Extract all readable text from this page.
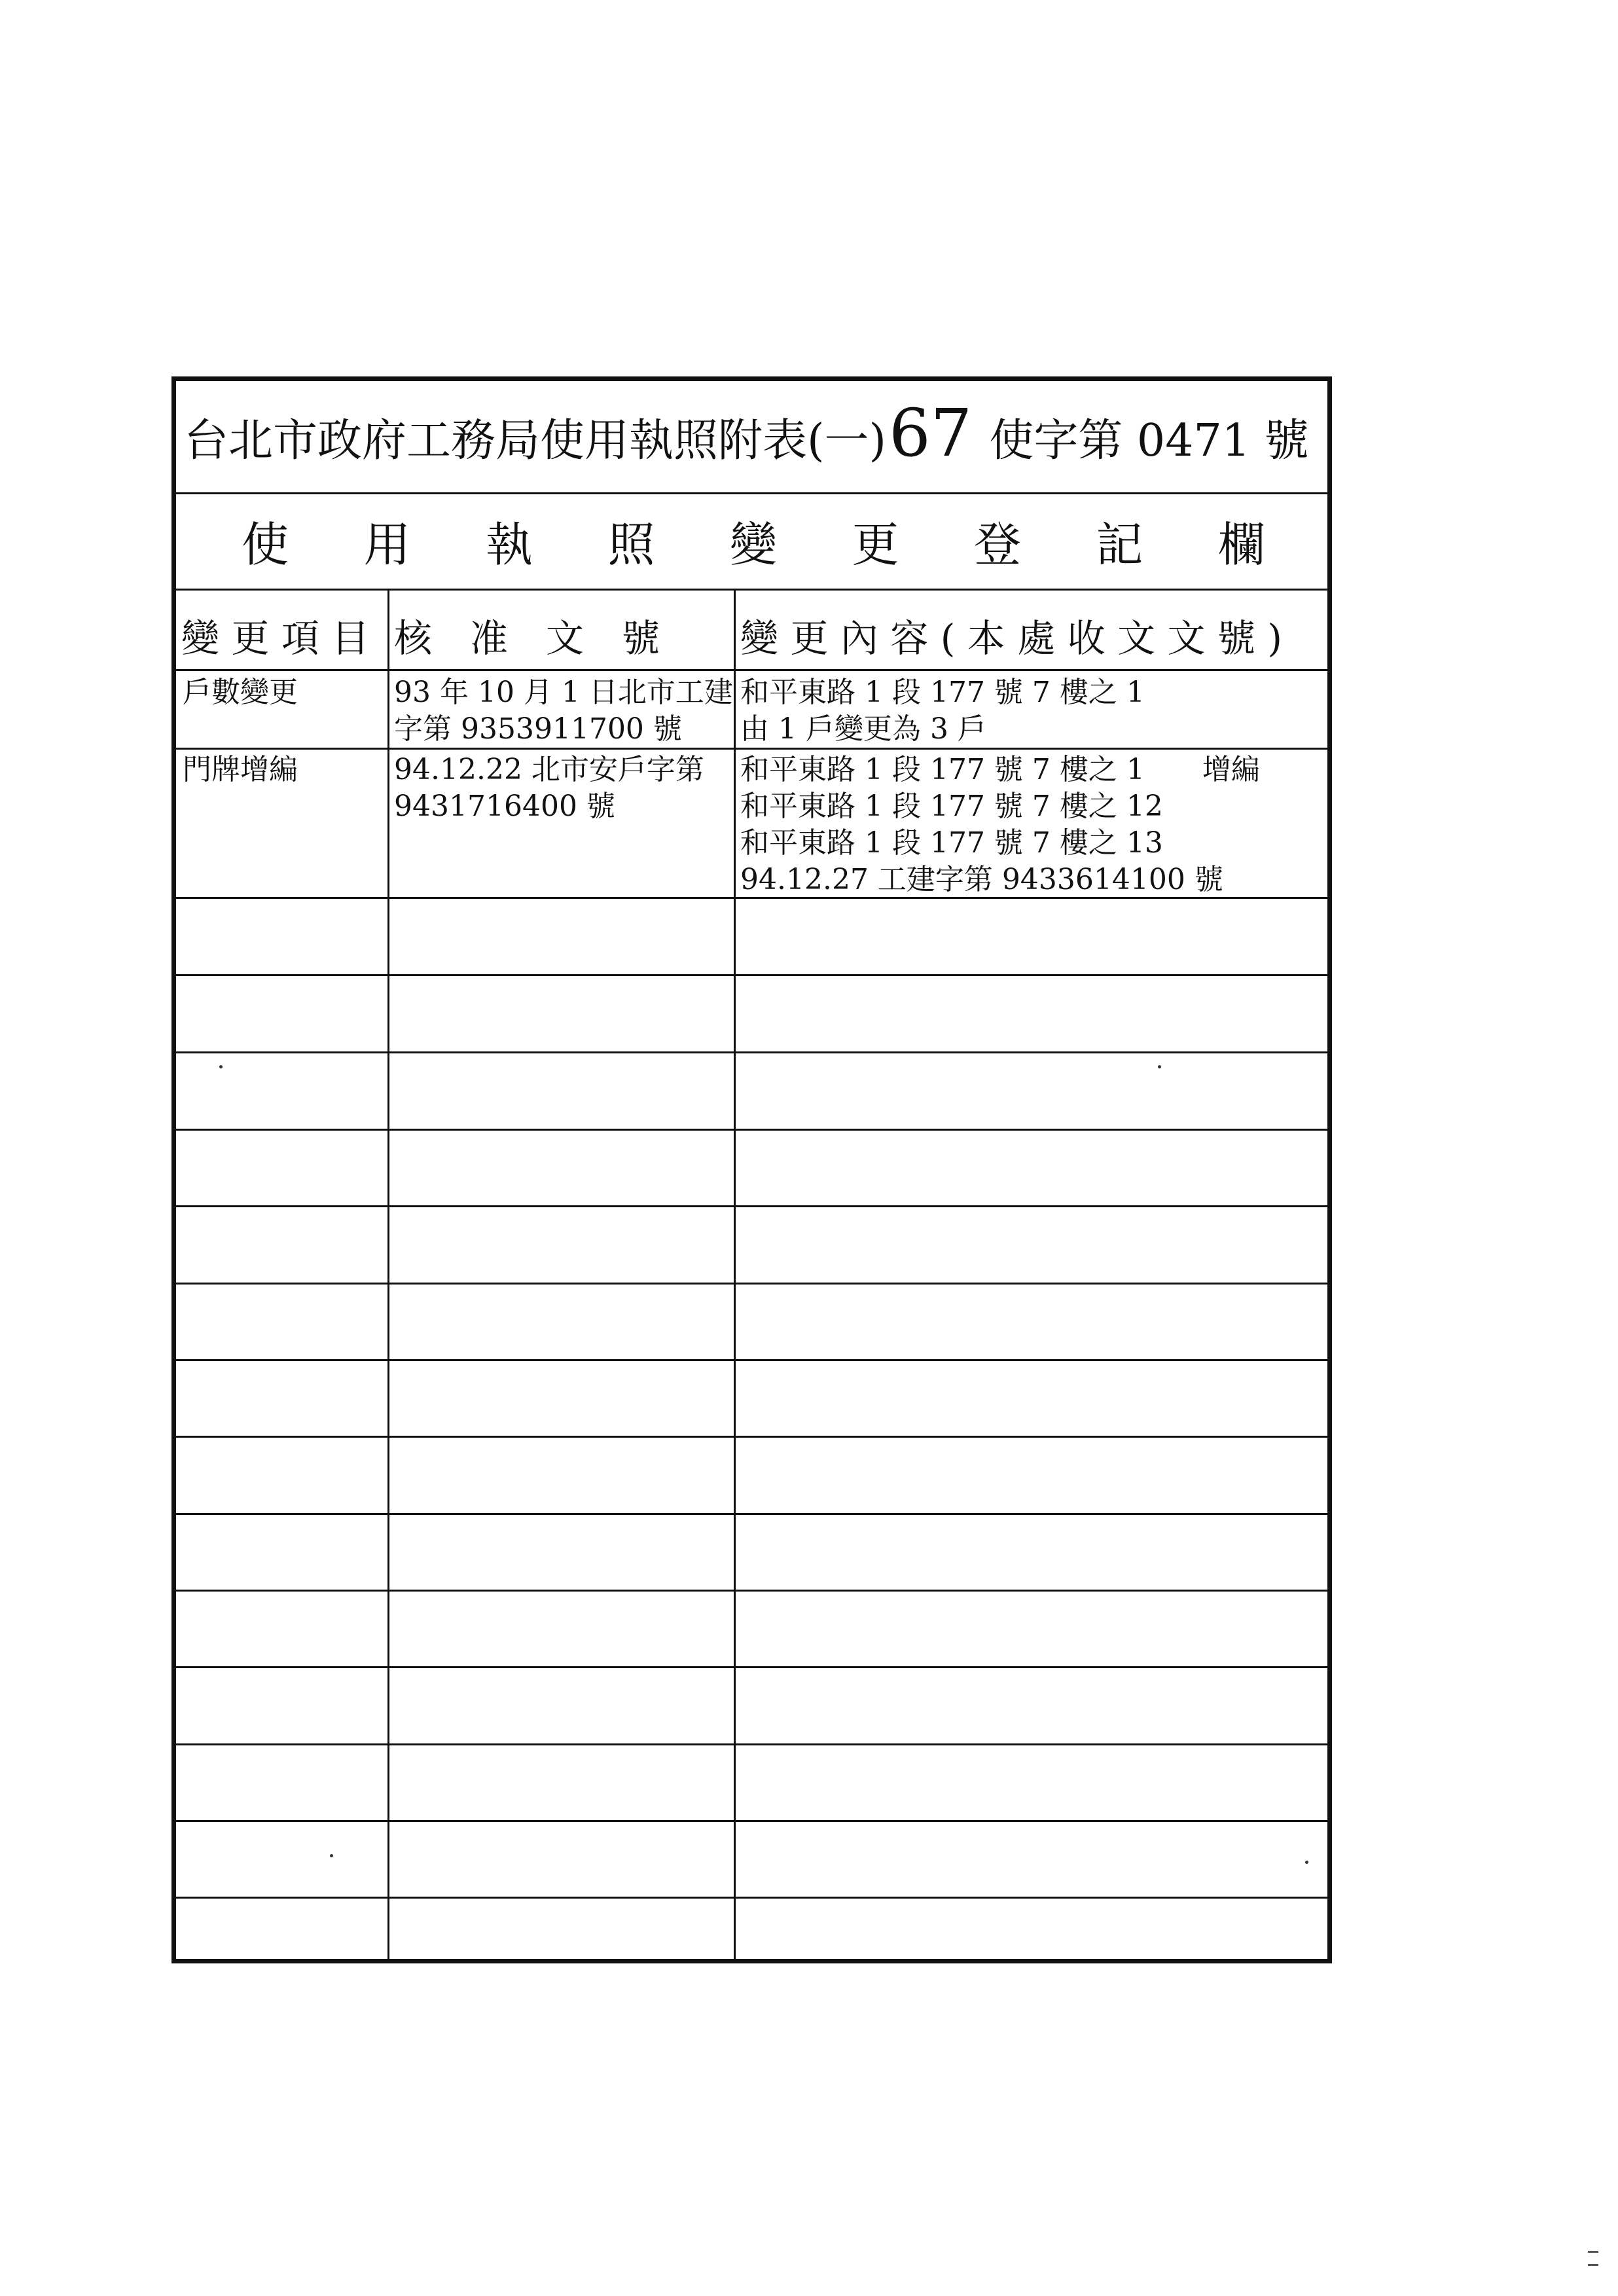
台北市政府工務局使用執照附表(一) 67 使字第 0471 號
使 用 執 照 變 更 登 記 欄
變 更 項 目 核　准　文　號 變 更 內 容 ( 本 處 收 文 文 號 )
戶數變更	93 年 10 月 1 日北市工建
字第 9353911700 號
和平東路 1 段 177 號 7 樓之 1
由 1 戶變更為 3 戶
門牌增編	94.12.22 北市安戶字第
9431716400 號
和平東路 1 段 177 號 7 樓之 1　　增編
和平東路 1 段 177 號 7 樓之 12
和平東路 1 段 177 號 7 樓之 13
94.12.27 工建字第 9433614100 號
